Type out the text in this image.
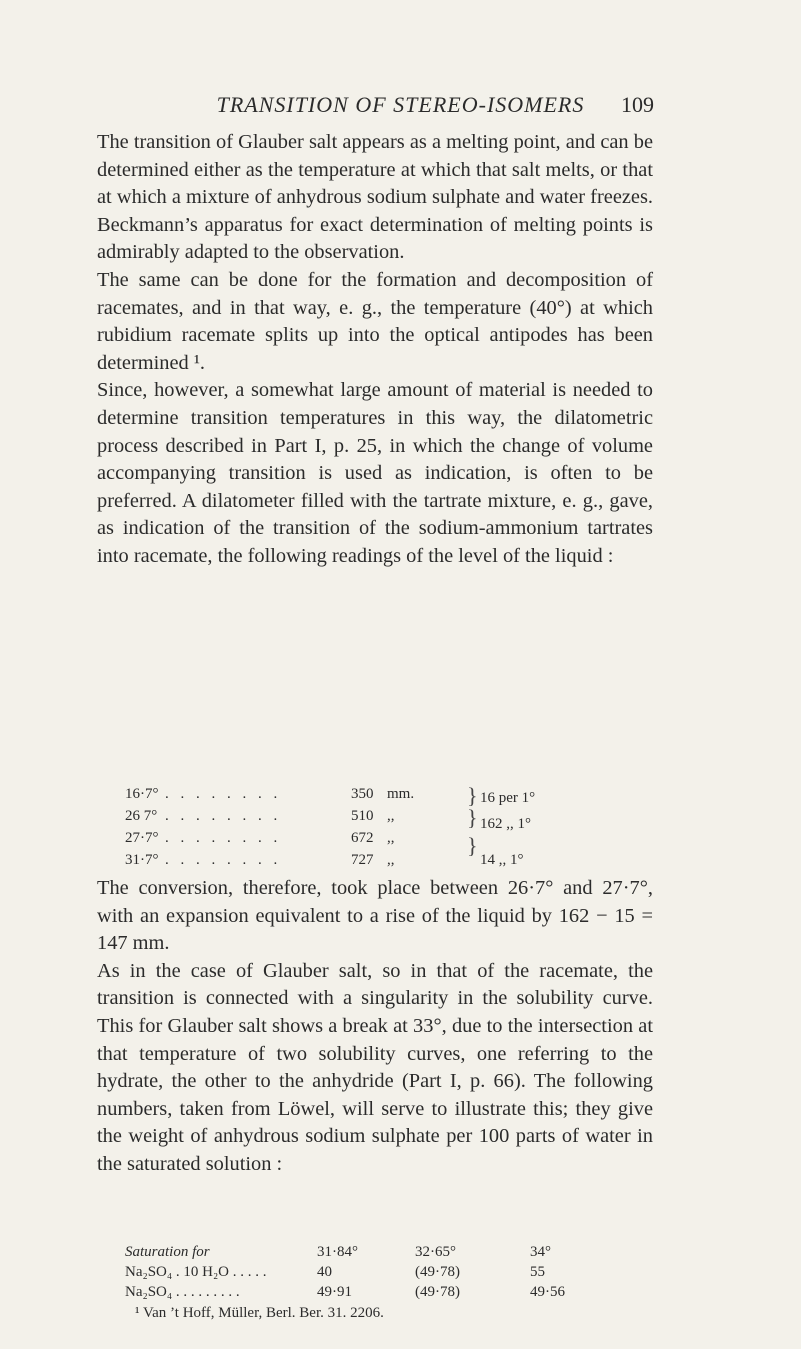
TRANSITION OF STEREO-ISOMERS	109

The transition of Glauber salt appears as a melting point, and can be determined either as the temperature at which that salt melts, or that at which a mixture of anhydrous sodium sulphate and water freezes. Beckmann’s apparatus for exact determination of melting points is admirably adapted to the observation.

The same can be done for the formation and decomposition of racemates, and in that way, e. g., the temperature (40°) at which rubidium racemate splits up into the optical antipodes has been determined ¹.

Since, however, a somewhat large amount of material is needed to determine transition temperatures in this way, the dilatometric process described in Part I, p. 25, in which the change of volume accompanying transition is used as indication, is often to be preferred. A dilatometer filled with the tartrate mixture, e. g., gave, as indication of the transition of the sodium-ammonium tartrates into racemate, the following readings of the level of the liquid :

16·7° . . . . . . . .	350 mm.
26 7° . . . . . . . .	510 ,,
27·7° . . . . . . . .	672 ,,
31·7° . . . . . . . .	727 ,,
} 16 per 1°
} 162 ,, 1°
}
14 ,, 1°

The conversion, therefore, took place between 26·7° and 27·7°, with an expansion equivalent to a rise of the liquid by 162 − 15 = 147 mm.

As in the case of Glauber salt, so in that of the racemate, the transition is connected with a singularity in the solubility curve. This for Glauber salt shows a break at 33°, due to the intersection at that temperature of two solubility curves, one referring to the hydrate, the other to the anhydride (Part I, p. 66). The following numbers, taken from Löwel, will serve to illustrate this; they give the weight of anhydrous sodium sulphate per 100 parts of water in the saturated solution :

Saturation for	31·84°	32·65°	34°
Na₂SO₄ . 10 H₂O . . . . .	40	(49·78)	55
Na₂SO₄ . . . . . . . . .	49·91	(49·78)	49·56
¹ Van ’t Hoff, Müller, Berl. Ber. 31. 2206.
